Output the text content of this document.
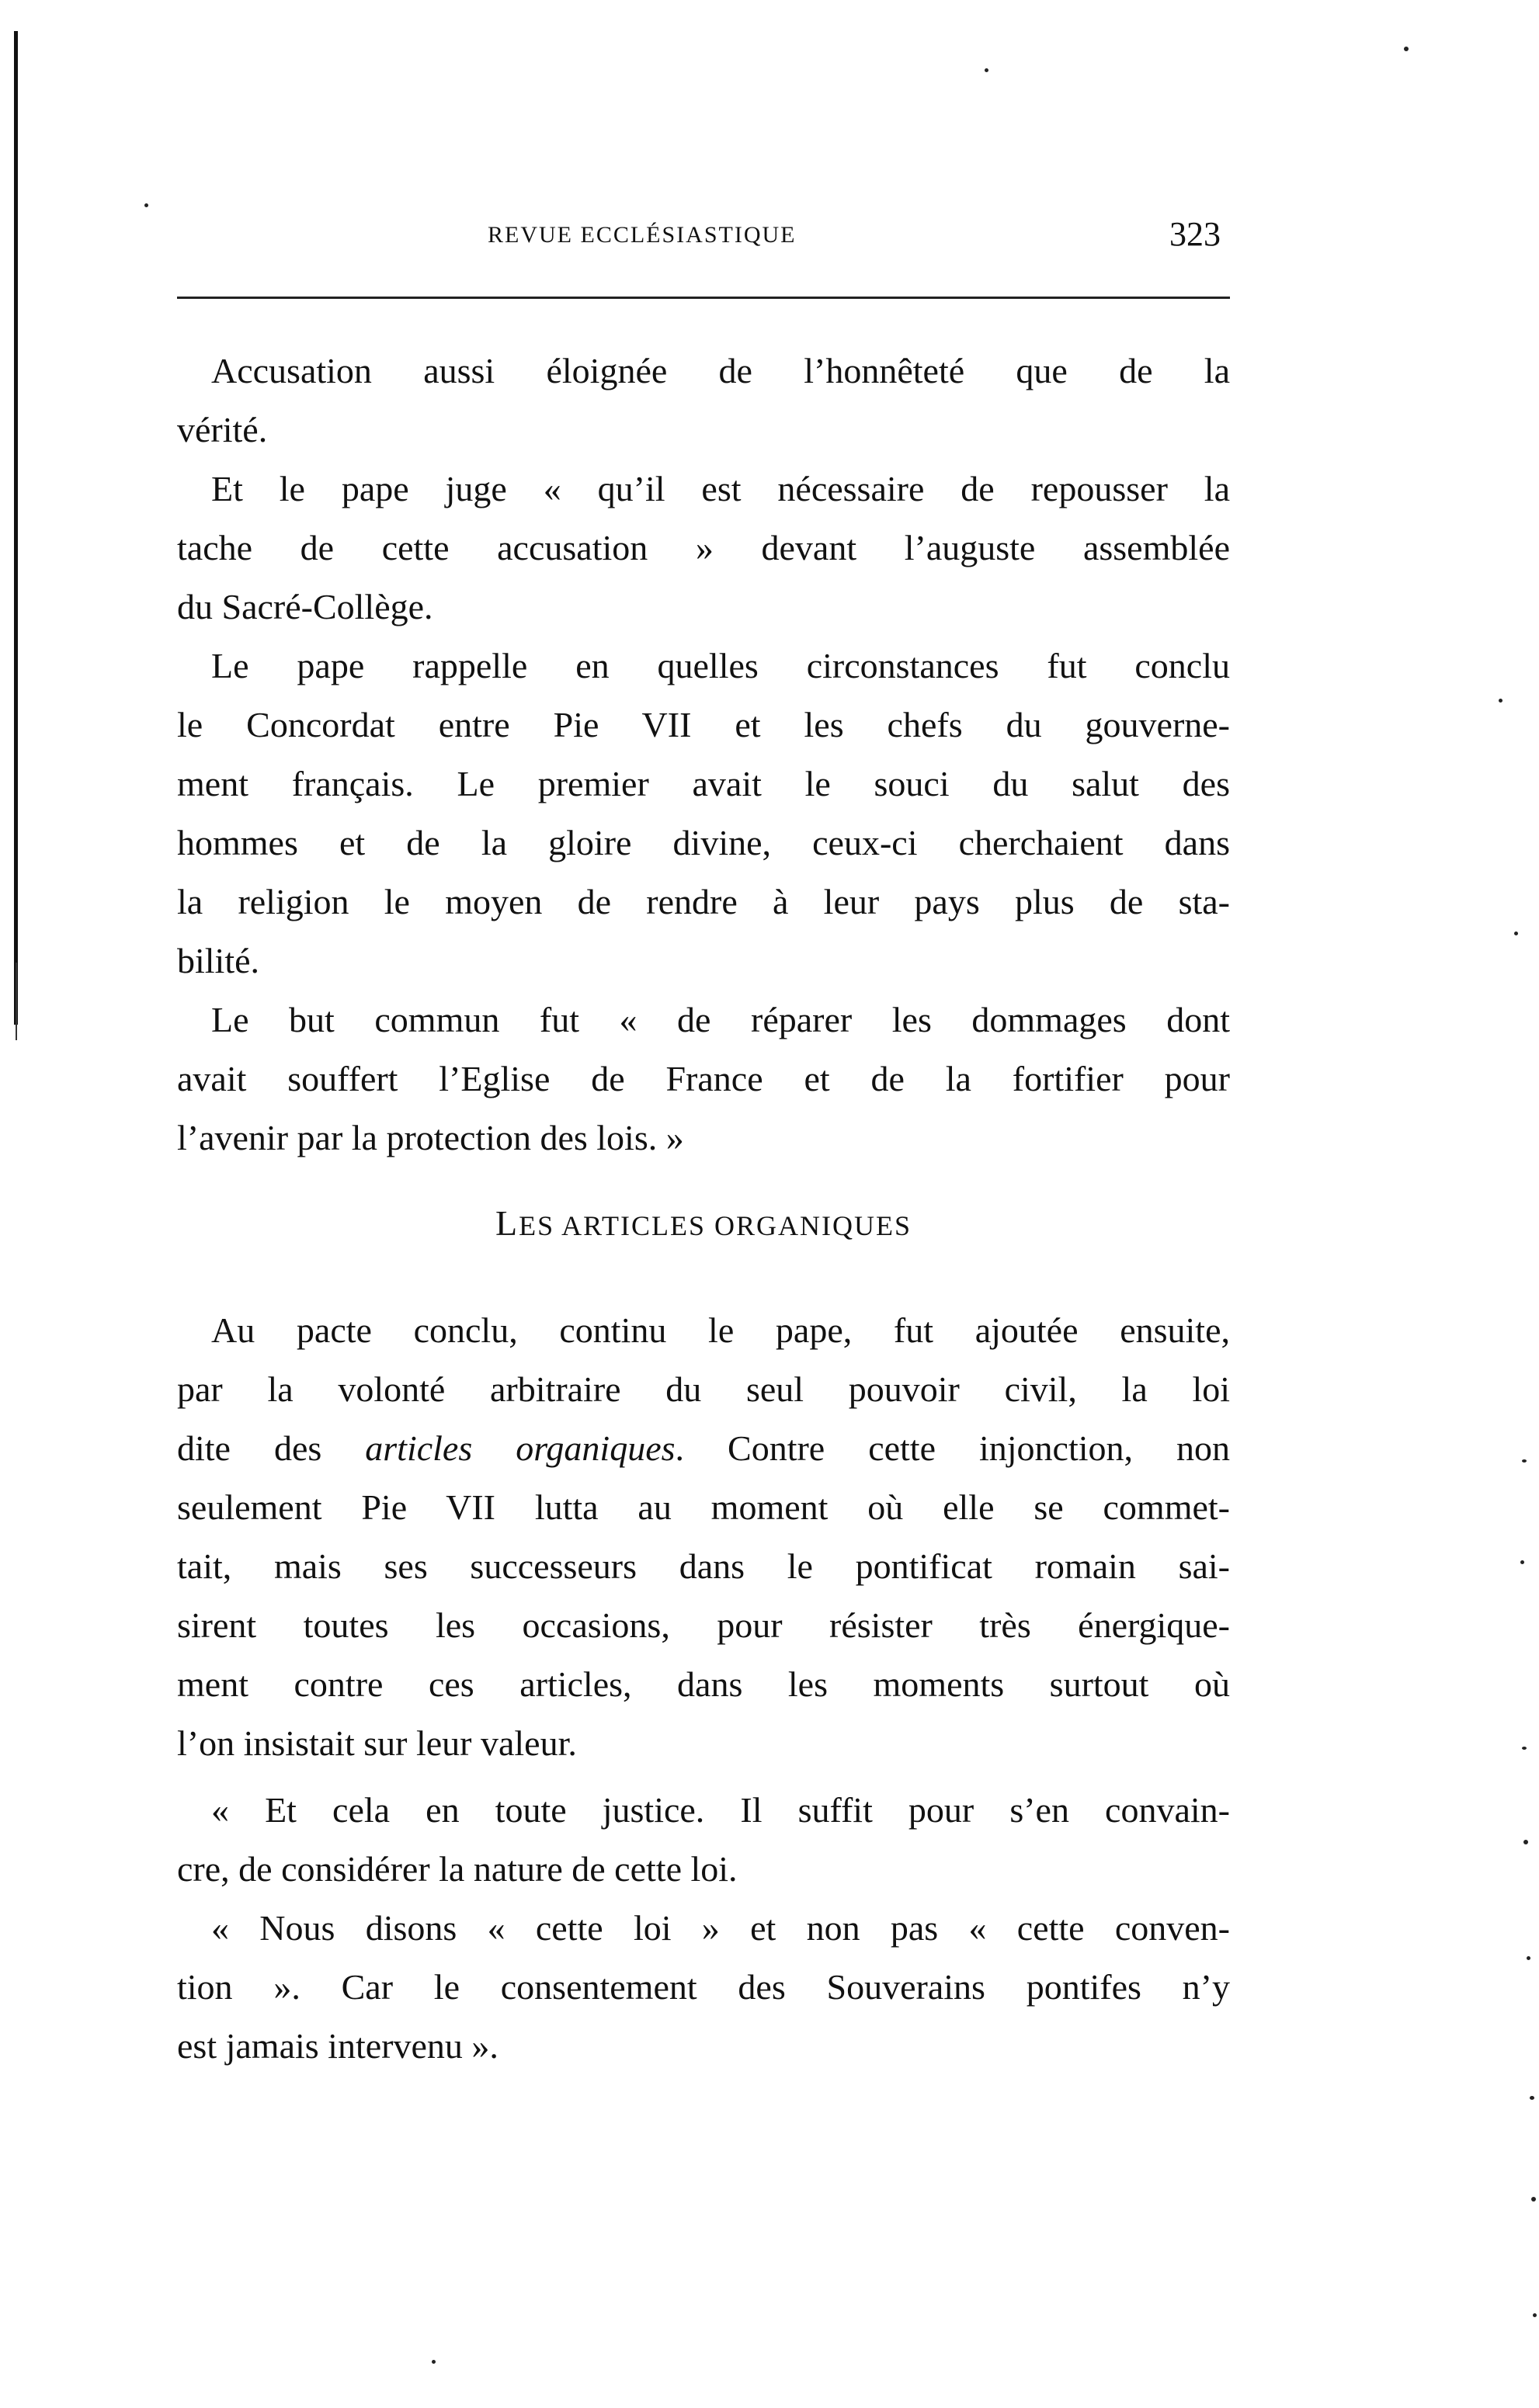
REVUE ECCLÉSIASTIQUE	323
Accusation aussi éloignée de l’honnêteté que de la
vérité.
Et le pape juge « qu’il est nécessaire de repousser la
tache de cette accusation » devant l’auguste assemblée
du Sacré-Collège.
Le pape rappelle en quelles circonstances fut conclu
le Concordat entre Pie VII et les chefs du gouverne-
ment français. Le premier avait le souci du salut des
hommes et de la gloire divine, ceux-ci cherchaient dans
la religion le moyen de rendre à leur pays plus de sta-
bilité.
Le but commun fut « de réparer les dommages dont
avait souffert l’Eglise de France et de la fortifier pour
l’avenir par la protection des lois. »
LES ARTICLES ORGANIQUES
Au pacte conclu, continu le pape, fut ajoutée ensuite,
par la volonté arbitraire du seul pouvoir civil, la loi
dite des articles organiques. Contre cette injonction, non
seulement Pie VII lutta au moment où elle se commet-
tait, mais ses successeurs dans le pontificat romain sai-
sirent toutes les occasions, pour résister très énergique-
ment contre ces articles, dans les moments surtout où
l’on insistait sur leur valeur.
« Et cela en toute justice. Il suffit pour s’en convain-
cre, de considérer la nature de cette loi.
« Nous disons « cette loi » et non pas « cette conven-
tion ». Car le consentement des Souverains pontifes n’y
est jamais intervenu ».
